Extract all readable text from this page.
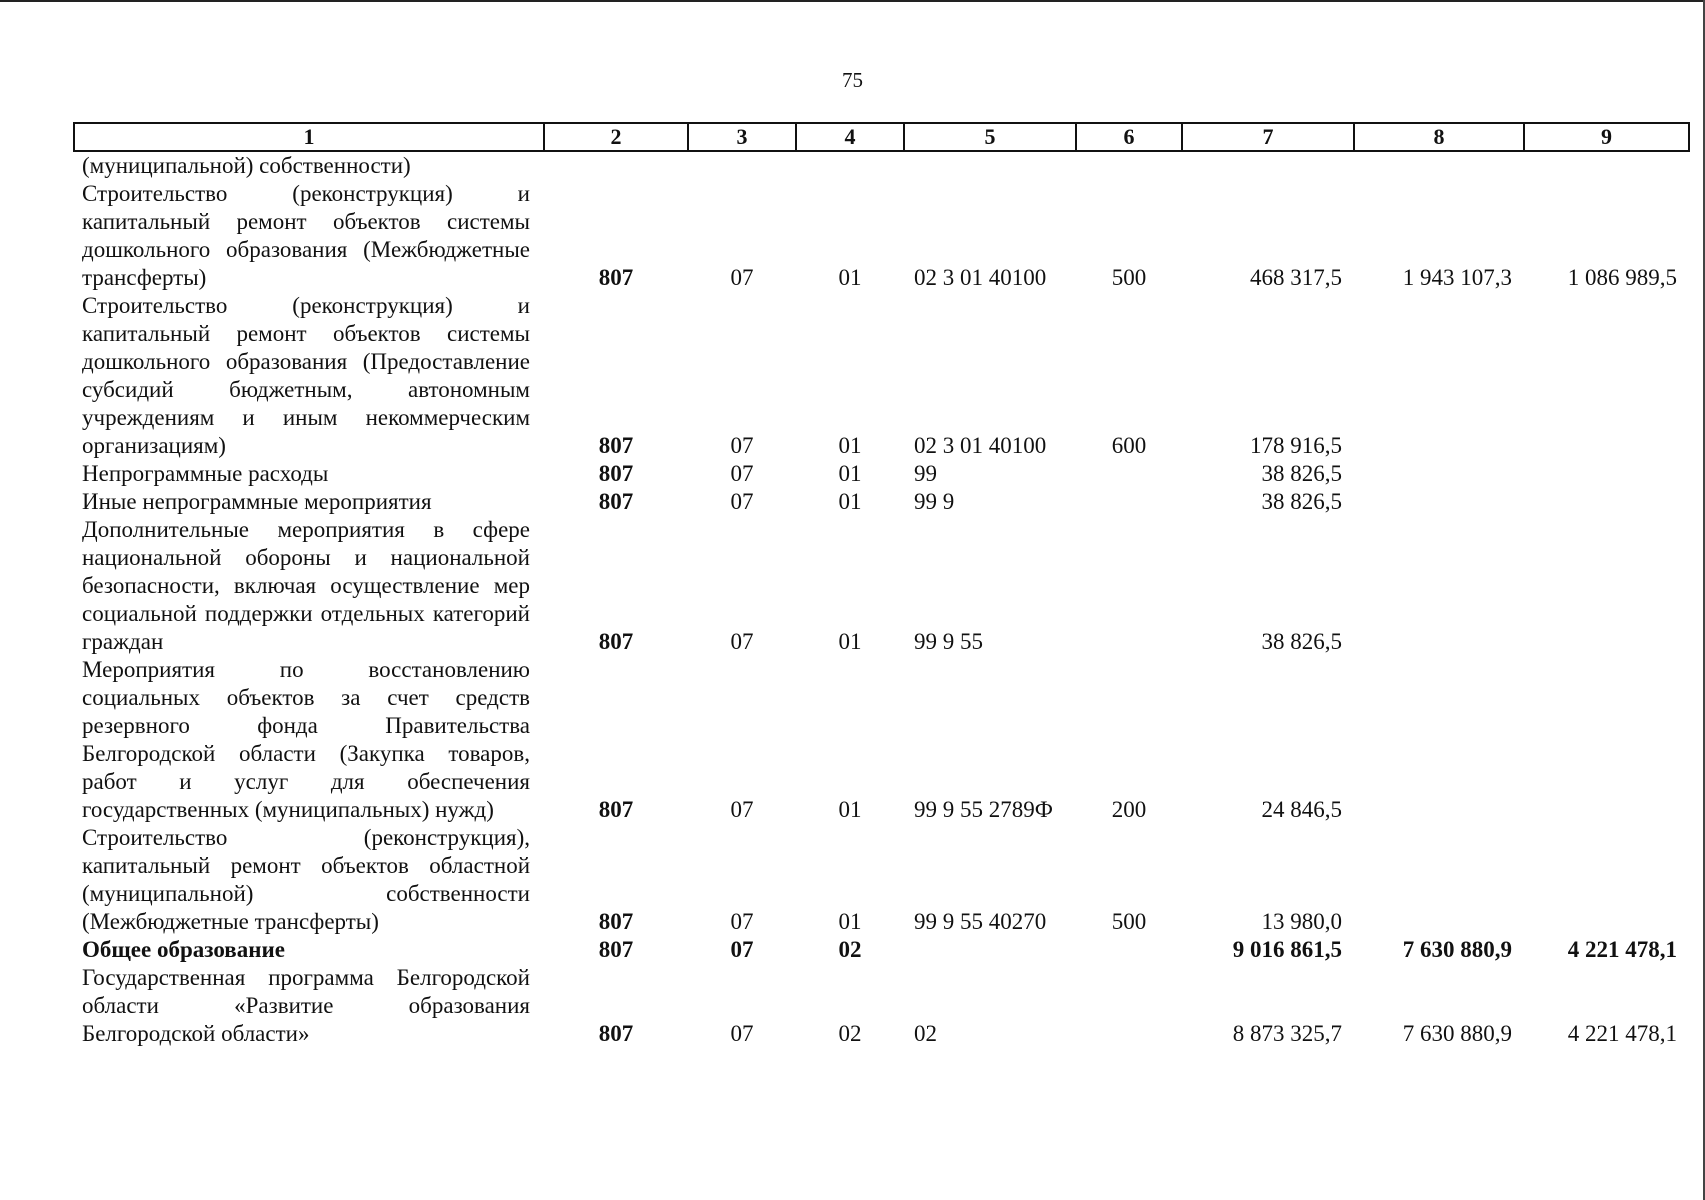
75
1	2	3	4	5	6	7	8	9
(муниципальной) собственности)								
Строительство (реконструкция) и капитальный ремонт объектов системы дошкольного образования (Межбюджетные трансферты)	807	07	01	02 3 01 40100	500	468 317,5	1 943 107,3	1 086 989,5
Строительство (реконструкция) и капитальный ремонт объектов системы дошкольного образования (Предоставление субсидий бюджетным, автономным учреждениям и иным некоммерческим организациям)	807	07	01	02 3 01 40100	600	178 916,5		
Непрограммные расходы	807	07	01	99		38 826,5		
Иные непрограммные мероприятия	807	07	01	99 9		38 826,5		
Дополнительные мероприятия в сфере национальной обороны и национальной безопасности, включая осуществление мер социальной поддержки отдельных категорий граждан	807	07	01	99 9 55		38 826,5		
Мероприятия по восстановлению социальных объектов за счет средств резервного фонда Правительства Белгородской области (Закупка товаров, работ и услуг для обеспечения государственных (муниципальных) нужд)	807	07	01	99 9 55 2789Ф	200	24 846,5		
Строительство (реконструкция), капитальный ремонт объектов областной (муниципальной) собственности (Межбюджетные трансферты)	807	07	01	99 9 55 40270	500	13 980,0		
Общее образование	807	07	02			9 016 861,5	7 630 880,9	4 221 478,1
Государственная программа Белгородской области «Развитие образования Белгородской области»	807	07	02	02		8 873 325,7	7 630 880,9	4 221 478,1
